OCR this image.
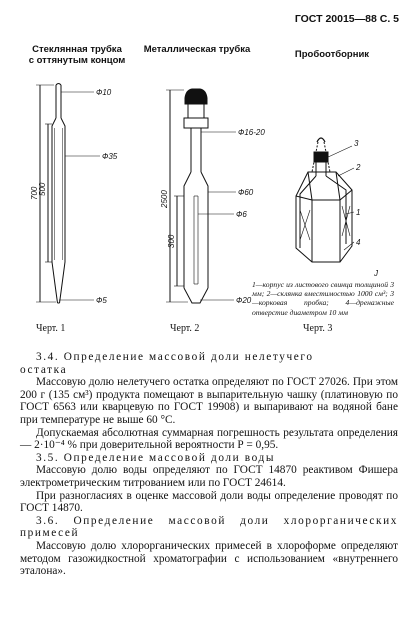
ГОСТ 20015—88 С. 5
Стеклянная трубка
с оттянутым концом
Металлическая трубка	Пробоотборник
Ф10
Ф35
Ф5
700 500
Ф16-20
Ф60
Ф6
Ф20
2500
300
3
2
1
4
J
1—корпус из листового свинца толщиной 3 мм; 2—склянка вместимостью 1000 см³; 3—корковая пробка; 4—дренажные отверстие диаметром 10 мм
Черт. 1	Черт. 2	Черт. 3

3.4. Определение массовой доли нелетучего

остатка

Массовую долю нелетучего остатка определяют по ГОСТ 27026. При этом 200 г (135 см³) продукта помещают в выпарительную чашку (платиновую по ГОСТ 6563 или кварцевую по ГОСТ 19908) и выпаривают на водяной бане при температуре не выше 60 °С.

Допускаемая абсолютная суммарная погрешность результата определения — 2·10⁻⁴ % при доверительной вероятности Р = 0,95.

3.5. Определение массовой доли воды

Массовую долю воды определяют по ГОСТ 14870 реактивом Фишера электрометрическим титрованием или по ГОСТ 24614.

При разногласиях в оценке массовой доли воды определение проводят по ГОСТ 14870.

3.6. Определение массовой доли хлорорганических примесей

Массовую долю хлорорганических примесей в хлороформе определяют методом газожидкостной хроматографии с использованием «внутреннего эталона».
